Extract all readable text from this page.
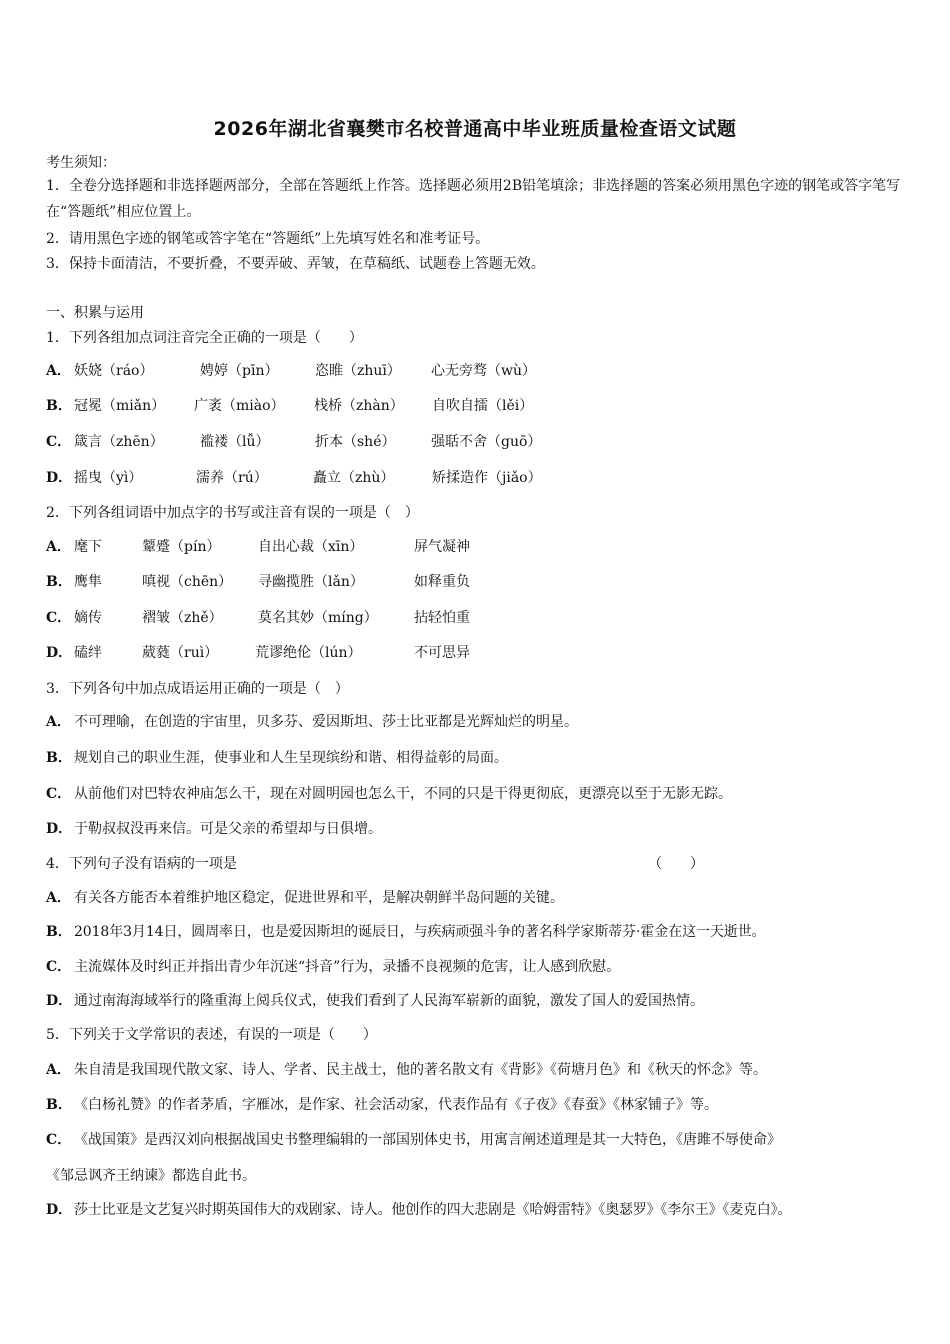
2026年湖北省襄樊市名校普通高中毕业班质量检查语文试题
考生须知：
1．全卷分选择题和非选择题两部分，全部在答题纸上作答。选择题必须用2B铅笔填涂；非选择题的答案必须用黑色字迹的钢笔或答字笔写在“答题纸”相应位置上。
2．请用黑色字迹的钢笔或答字笔在“答题纸”上先填写姓名和准考证号。
3．保持卡面清洁，不要折叠，不要弄破、弄皱，在草稿纸、试题卷上答题无效。
一、积累与运用
1．下列各组加点词注音完全正确的一项是（　　）
A． 妖娆（ráo）	娉婷（pīn）	恣睢（zhuī） 心无旁骛（wù）
B． 冠冕（miǎn） 广袤（miào） 栈桥（zhàn） 自吹自擂（lěi）
C． 箴言（zhēn）	褴褛（lǚ）	折本（shé）	强聒不舍（guō）
D． 摇曳（yì）	濡养（rú）	矗立（zhù）	矫揉造作（jiǎo）
2．下列各组词语中加点字的书写或注音有误的一项是（　）
A． 麾下	颦蹙（pín）	自出心裁（xīn）	屏气凝神
B． 鹰隼	嗔视（chēn） 寻幽揽胜（lǎn）	如释重负
C． 嫡传	褶皱（zhě）	莫名其妙（míng）	拈轻怕重
D． 磕绊	葳蕤（ruì）	荒谬绝伦（lún）	不可思异
3．下列各句中加点成语运用正确的一项是（　）
A． 不可理喻，在创造的宇宙里，贝多芬、爱因斯坦、莎士比亚都是光辉灿烂的明星。
B． 规划自己的职业生涯，使事业和人生呈现缤纷和谐、相得益彰的局面。
C． 从前他们对巴特农神庙怎么干，现在对圆明园也怎么干，不同的只是干得更彻底，更漂亮以至于无影无踪。
D． 于勒叔叔没再来信。可是父亲的希望却与日俱增。
4．下列句子没有语病的一项是	（　　）
A． 有关各方能否本着维护地区稳定，促进世界和平，是解决朝鲜半岛问题的关键。
B． 2018年3月14日，圆周率日，也是爱因斯坦的诞辰日，与疾病顽强斗争的著名科学家斯蒂芬·霍金在这一天逝世。
C． 主流媒体及时纠正并指出青少年沉迷“抖音”行为，录播不良视频的危害，让人感到欣慰。
D． 通过南海海域举行的隆重海上阅兵仪式，使我们看到了人民海军崭新的面貌，激发了国人的爱国热情。
5．下列关于文学常识的表述，有误的一项是（　　）
A． 朱自清是我国现代散文家、诗人、学者、民主战士，他的著名散文有《背影》《荷塘月色》和《秋天的怀念》等。
B． 《白杨礼赞》的作者茅盾，字雁冰，是作家、社会活动家，代表作品有《子夜》《春蚕》《林家铺子》等。
C． 《战国策》是西汉刘向根据战国史书整理编辑的一部国别体史书，用寓言阐述道理是其一大特色，《唐雎不辱使命》
《邹忌讽齐王纳谏》都选自此书。
D． 莎士比亚是文艺复兴时期英国伟大的戏剧家、诗人。他创作的四大悲剧是《哈姆雷特》《奥瑟罗》《李尔王》《麦克白》。
